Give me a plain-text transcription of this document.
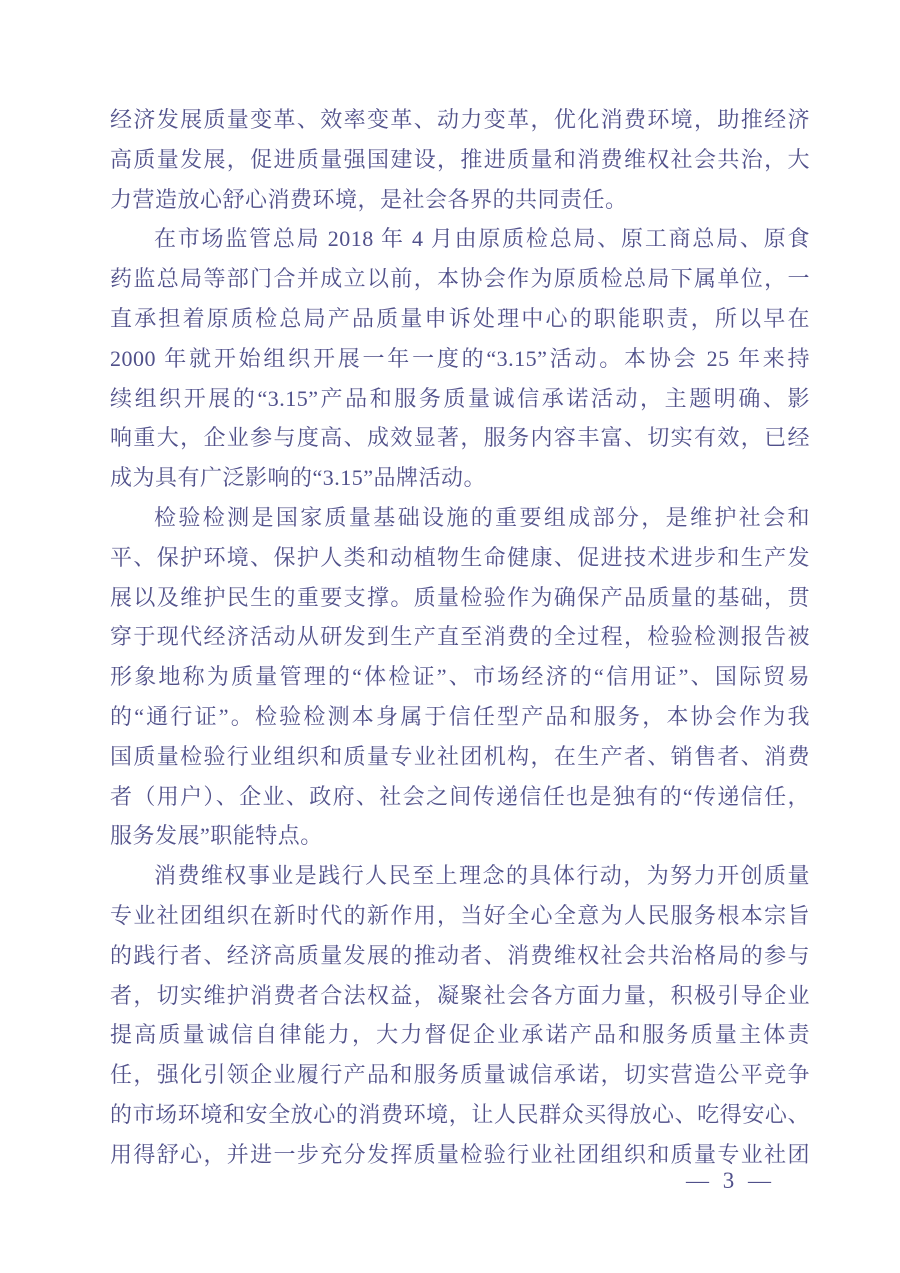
经济发展质量变革、效率变革、动力变革，优化消费环境，助推经济
高质量发展，促进质量强国建设，推进质量和消费维权社会共治，大
力营造放心舒心消费环境，是社会各界的共同责任。
在市场监管总局 2018 年 4 月由原质检总局、原工商总局、原食
药监总局等部门合并成立以前，本协会作为原质检总局下属单位，一
直承担着原质检总局产品质量申诉处理中心的职能职责，所以早在
2000 年就开始组织开展一年一度的“3.15”活动。本协会 25 年来持
续组织开展的“3.15”产品和服务质量诚信承诺活动，主题明确、影
响重大，企业参与度高、成效显著，服务内容丰富、切实有效，已经
成为具有广泛影响的“3.15”品牌活动。
检验检测是国家质量基础设施的重要组成部分，是维护社会和
平、保护环境、保护人类和动植物生命健康、促进技术进步和生产发
展以及维护民生的重要支撑。质量检验作为确保产品质量的基础，贯
穿于现代经济活动从研发到生产直至消费的全过程，检验检测报告被
形象地称为质量管理的“体检证”、市场经济的“信用证”、国际贸易
的“通行证”。检验检测本身属于信任型产品和服务，本协会作为我
国质量检验行业组织和质量专业社团机构，在生产者、销售者、消费
者（用户）、企业、政府、社会之间传递信任也是独有的“传递信任，
服务发展”职能特点。
消费维权事业是践行人民至上理念的具体行动，为努力开创质量
专业社团组织在新时代的新作用，当好全心全意为人民服务根本宗旨
的践行者、经济高质量发展的推动者、消费维权社会共治格局的参与
者，切实维护消费者合法权益，凝聚社会各方面力量，积极引导企业
提高质量诚信自律能力，大力督促企业承诺产品和服务质量主体责
任，强化引领企业履行产品和服务质量诚信承诺，切实营造公平竞争
的市场环境和安全放心的消费环境，让人民群众买得放心、吃得安心、
用得舒心，并进一步充分发挥质量检验行业社团组织和质量专业社团
— 3 —
